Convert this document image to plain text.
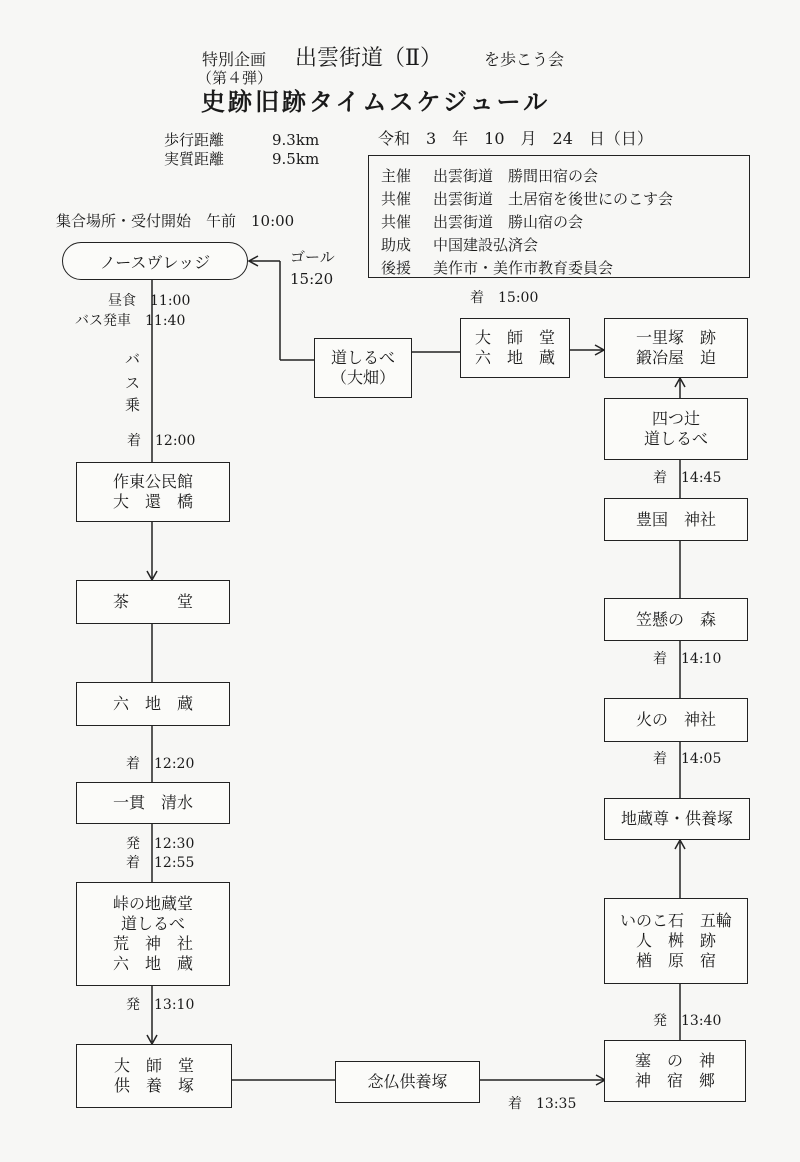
特別企画 出雲街道（Ⅱ）	を歩こう会
（第４弾）
史跡旧跡タイムスケジュール
歩行距離	9.3km
実質距離	9.5km
令和　3　年　10　月　24　日（日）
主催 出雲街道　勝間田宿の会
共催 出雲街道　土居宿を後世にのこす会
共催 出雲街道　勝山宿の会
助成 中国建設弘済会
後援 美作市・美作市教育委員会
集合場所・受付開始　午前　10:00
ノースヴレッジ	ゴール
15:20
昼食　11:00
バス発車　11:40
バ
ス
乗
着　12:00
着　12:20
発　12:30
着　12:55
発　13:10
着　13:35
発　13:40
着　14:05
着　14:10
着　14:45
着　15:00
作東公民館
大　還　橋
茶　　　堂
六　地　蔵
一貫　清水
峠の地蔵堂
道しるべ
荒　神　社
六　地　蔵
大　師　堂
供　養　塚	念仏供養塚
塞　の　神
神　宿　郷
いのこ石　五輪
人　桝　跡
楢　原　宿
地蔵尊・供養塚
火の　神社
笠懸の　森
豊国　神社
四つ辻
道しるべ
一里塚　跡
鍛冶屋　迫
大　師　堂
六　地　蔵
道しるべ
（大畑）
